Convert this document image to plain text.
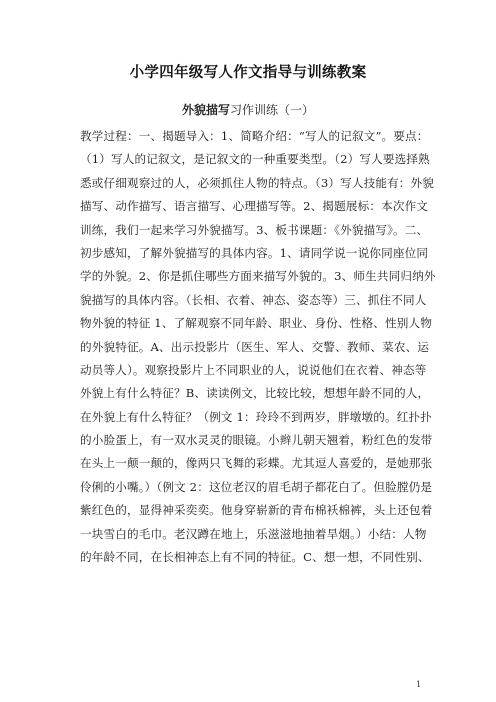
小学四年级写人作文指导与训练教案
外貌描写习作训练（一）
教学过程：一、揭题导入：1、简略介绍：“写人的记叙文”。要点：
（1）写人的记叙文，是记叙文的一种重要类型。（2）写人要选择熟
悉或仔细观察过的人，必须抓住人物的特点。（3）写人技能有：外貌
描写、动作描写、语言描写、心理描写等。2、揭题展标：本次作文
训练，我们一起来学习外貌描写。3、板书课题：《外貌描写》。二、
初步感知，了解外貌描写的具体内容。1、请同学说一说你同座位同
学的外貌。2、你是抓住哪些方面来描写外貌的。3、师生共同归纳外
貌描写的具体内容。（长相、衣着、神态、姿态等）三、抓住不同人
物外貌的特征 1、了解观察不同年龄、职业、身份、性格、性别人物
的外貌特征。A、出示投影片（医生、军人、交警、教师、菜农、运
动员等人）。观察投影片上不同职业的人，说说他们在衣着、神态等
外貌上有什么特征？B、读读例文，比较比较，想想年龄不同的人，
在外貌上有什么特征？（例文 1：玲玲不到两岁，胖墩墩的。红扑扑
的小脸蛋上，有一双水灵灵的眼镜。小辫儿朝天翘着，粉红色的发带
在头上一颠一颠的，像两只飞舞的彩蝶。尤其逗人喜爱的，是她那张
伶俐的小嘴。）（例文 2：这位老汉的眉毛胡子都花白了。但脸膛仍是
紫红色的，显得神采奕奕。他身穿崭新的青布棉袄棉裤，头上还包着
一块雪白的毛巾。老汉蹲在地上，乐滋滋地抽着旱烟。）小结：人物
的年龄不同，在长相神态上有不同的特征。C、想一想，不同性别、
1
